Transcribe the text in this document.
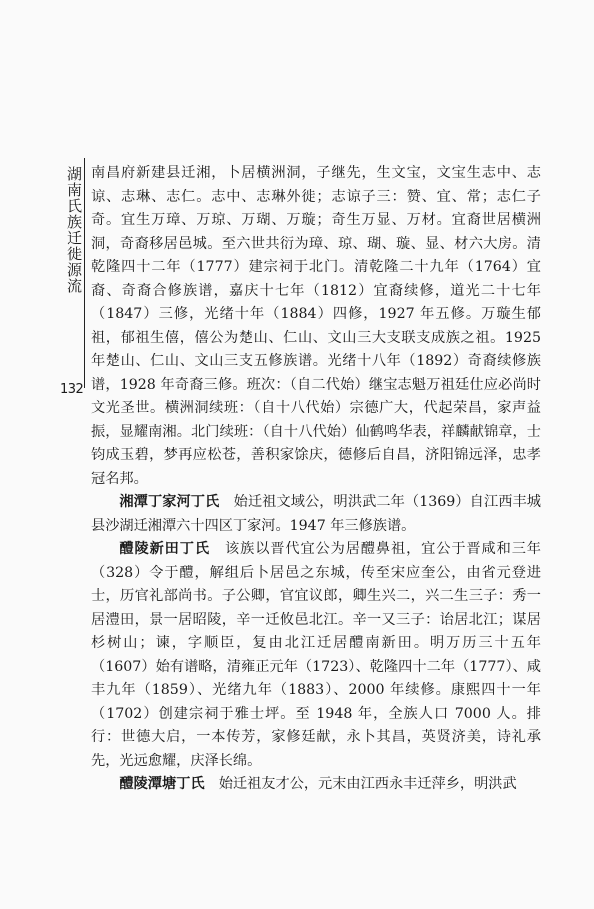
湖南氏族迁徙源流
132

南昌府新建县迁湘，卜居横洲洞，子继先，生文宝，文宝生志中、志谅、志琳、志仁。志中、志琳外徙；志谅子三：赞、宜、常；志仁子奇。宜生万璋、万琼、万瑚、万璇；奇生万显、万材。宜裔世居横洲洞，奇裔移居邑城。至六世共衍为璋、琼、瑚、璇、显、材六大房。清乾隆四十二年（1777）建宗祠于北门。清乾隆二十九年（1764）宜裔、奇裔合修族谱，嘉庆十七年（1812）宜裔续修，道光二十七年（1847）三修，光绪十年（1884）四修，1927 年五修。万璇生郁祖，郁祖生僖，僖公为楚山、仁山、文山三大支联支成族之祖。1925 年楚山、仁山、文山三支五修族谱。光绪十八年（1892）奇裔续修族谱，1928 年奇裔三修。班次：（自二代始）继宝志魁万祖廷仕应必尚时文光圣世。横洲洞续班：（自十八代始）宗德广大，代起荣昌，家声益振，显耀南湘。北门续班：（自十八代始）仙鹤鸣华表，祥麟献锦章，士钧成玉碧，梦再应松苍，善积家馀庆，德修后自昌，济阳锦远泽，忠孝冠名邦。

湘潭丁家河丁氏　 始迁祖文域公，明洪武二年（1369）自江西丰城县沙湖迁湘潭六十四区丁家河。1947 年三修族谱。

醴陵新田丁氏　 该族以晋代宜公为居醴鼻祖，宜公于晋咸和三年（328）令于醴，解组后卜居邑之东城，传至宋应奎公，由省元登进士，历官礼部尚书。子公卿，官宜议郎，卿生兴二，兴二生三子：秀一居澧田，景一居昭陵，辛一迁攸邑北江。辛一又三子：诒居北江；谋居杉树山；谏，字顺臣，复由北江迁居醴南新田。明万历三十五年（1607）始有谱略，清雍正元年（1723）、乾隆四十二年（1777）、咸丰九年（1859）、光绪九年（1883）、2000 年续修。康熙四十一年（1702）创建宗祠于雅士坪。至 1948 年，全族人口 7000 人。排行：世德大启，一本传芳，家修廷献，永卜其昌，英贤济美，诗礼承先，光远愈耀，庆泽长绵。

醴陵潭塘丁氏　 始迁祖友才公，元末由江西永丰迁萍乡，明洪武
